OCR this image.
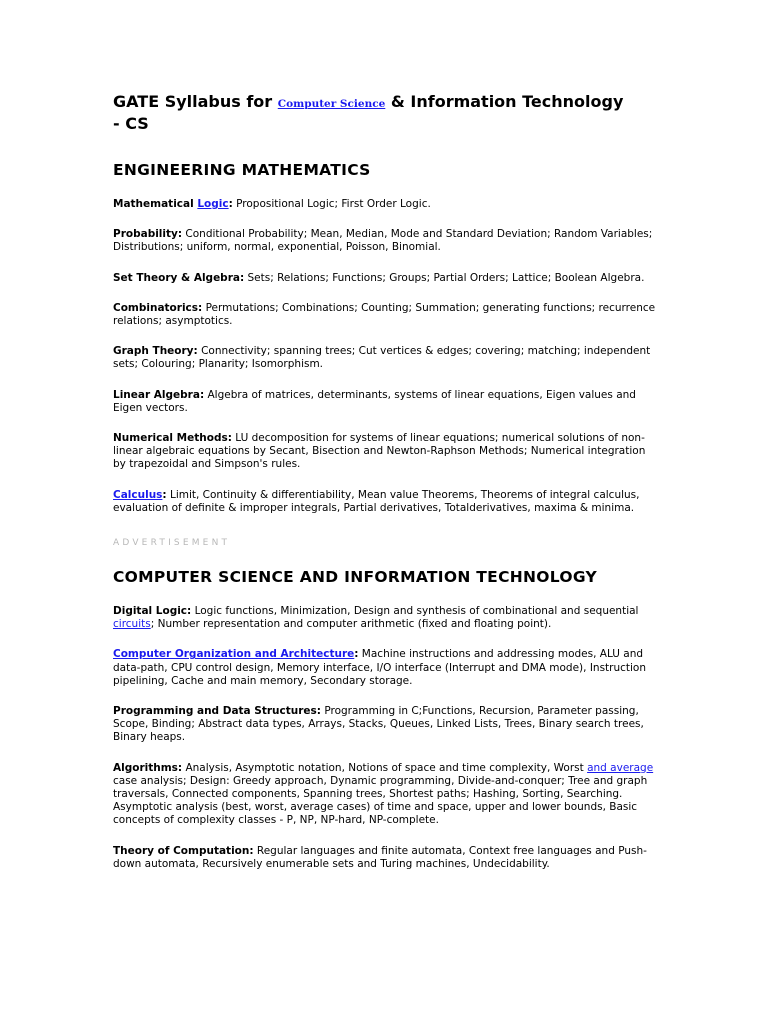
GATE Syllabus for Computer Science & Information Technology
- CS
ENGINEERING MATHEMATICS

Mathematical Logic: Propositional Logic; First Order Logic.

Probability: Conditional Probability; Mean, Median, Mode and Standard Deviation; Random Variables; Distributions; uniform, normal, exponential, Poisson, Binomial.

Set Theory & Algebra: Sets; Relations; Functions; Groups; Partial Orders; Lattice; Boolean Algebra.

Combinatorics: Permutations; Combinations; Counting; Summation; generating functions; recurrence relations; asymptotics.

Graph Theory: Connectivity; spanning trees; Cut vertices & edges; covering; matching; independent sets; Colouring; Planarity; Isomorphism.

Linear Algebra: Algebra of matrices, determinants, systems of linear equations, Eigen values and Eigen vectors.

Numerical Methods: LU decomposition for systems of linear equations; numerical solutions of non-linear algebraic equations by Secant, Bisection and Newton-Raphson Methods; Numerical integration by trapezoidal and Simpson's rules.

Calculus: Limit, Continuity & differentiability, Mean value Theorems, Theorems of integral calculus, evaluation of definite & improper integrals, Partial derivatives, Totalderivatives, maxima & minima.

ADVERTISEMENT
COMPUTER SCIENCE AND INFORMATION TECHNOLOGY

Digital Logic: Logic functions, Minimization, Design and synthesis of combinational and sequential circuits; Number representation and computer arithmetic (fixed and floating point).

Computer Organization and Architecture: Machine instructions and addressing modes, ALU and data-path, CPU control design, Memory interface, I/O interface (Interrupt and DMA mode), Instruction pipelining, Cache and main memory, Secondary storage.

Programming and Data Structures: Programming in C;Functions, Recursion, Parameter passing, Scope, Binding; Abstract data types, Arrays, Stacks, Queues, Linked Lists, Trees, Binary search trees, Binary heaps.

Algorithms: Analysis, Asymptotic notation, Notions of space and time complexity, Worst and average case analysis; Design: Greedy approach, Dynamic programming, Divide-and-conquer; Tree and graph traversals, Connected components, Spanning trees, Shortest paths; Hashing, Sorting, Searching. Asymptotic analysis (best, worst, average cases) of time and space, upper and lower bounds, Basic concepts of complexity classes - P, NP, NP-hard, NP-complete.

Theory of Computation: Regular languages and finite automata, Context free languages and Push-down automata, Recursively enumerable sets and Turing machines, Undecidability.
